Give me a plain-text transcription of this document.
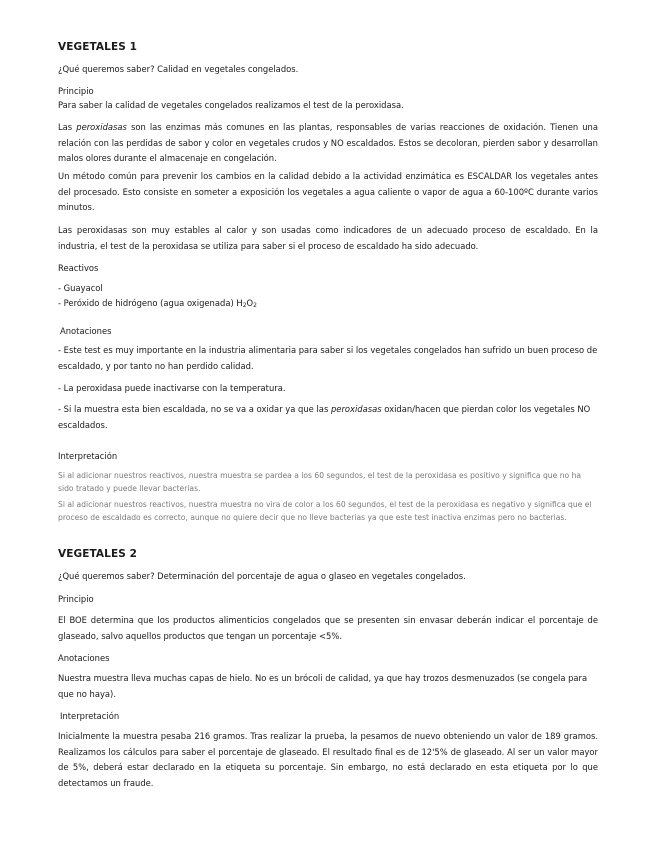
VEGETALES 1

¿Qué queremos saber? Calidad en vegetales congelados.

Principio

Para saber la calidad de vegetales congelados realizamos el test de la peroxidasa.

Las peroxidasas son las enzimas más comunes en las plantas, responsables de varias reacciones de oxidación. Tienen una relación con las perdidas de sabor y color en vegetales crudos y NO escaldados. Estos se decoloran, pierden sabor y desarrollan malos olores durante el almacenaje en congelación.

Un método común para prevenir los cambios en la calidad debido a la actividad enzimática es ESCALDAR los vegetales antes del procesado. Esto consiste en someter a exposición los vegetales a agua caliente o vapor de agua a 60-100ºC durante varios minutos.

Las peroxidasas son muy estables al calor y son usadas como indicadores de un adecuado proceso de escaldado. En la industria, el test de la peroxidasa se utiliza para saber si el proceso de escaldado ha sido adecuado.

Reactivos

- Guayacol

- Peróxido de hidrógeno (agua oxigenada) $H_2O_2$

Anotaciones

- Este test es muy importante en la industria alimentaria para saber si los vegetales congelados han sufrido un buen proceso de escaldado, y por tanto no han perdido calidad.

- La peroxidasa puede inactivarse con la temperatura.

- Si la muestra esta bien escaldada, no se va a oxidar ya que las peroxidasas oxidan/hacen que pierdan color los vegetales NO escaldados.

Interpretación

Si al adicionar nuestros reactivos, nuestra muestra se pardea a los 60 segundos, el test de la peroxidasa es positivo y significa que no ha sido tratado y puede llevar bacterias.

Si al adicionar nuestros reactivos, nuestra muestra no vira de color a los 60 segundos, el test de la peroxidasa es negativo y significa que el proceso de escaldado es correcto, aunque no quiere decir que no lleve bacterias ya que este test inactiva enzimas pero no bacterias.

VEGETALES 2

¿Qué queremos saber? Determinación del porcentaje de agua o glaseo en vegetales congelados.

Principio

El BOE determina que los productos alimenticios congelados que se presenten sin envasar deberán indicar el porcentaje de glaseado, salvo aquellos productos que tengan un porcentaje <5%.

Anotaciones

Nuestra muestra lleva muchas capas de hielo. No es un brócoli de calidad, ya que hay trozos desmenuzados (se congela para que no haya).

Interpretación

Inicialmente la muestra pesaba 216 gramos. Tras realizar la prueba, la pesamos de nuevo obteniendo un valor de 189 gramos. Realizamos los cálculos para saber el porcentaje de glaseado. El resultado final es de 12'5% de glaseado. Al ser un valor mayor de 5%, deberá estar declarado en la etiqueta su porcentaje. Sin embargo, no está declarado en esta etiqueta por lo que detectamos un fraude.
